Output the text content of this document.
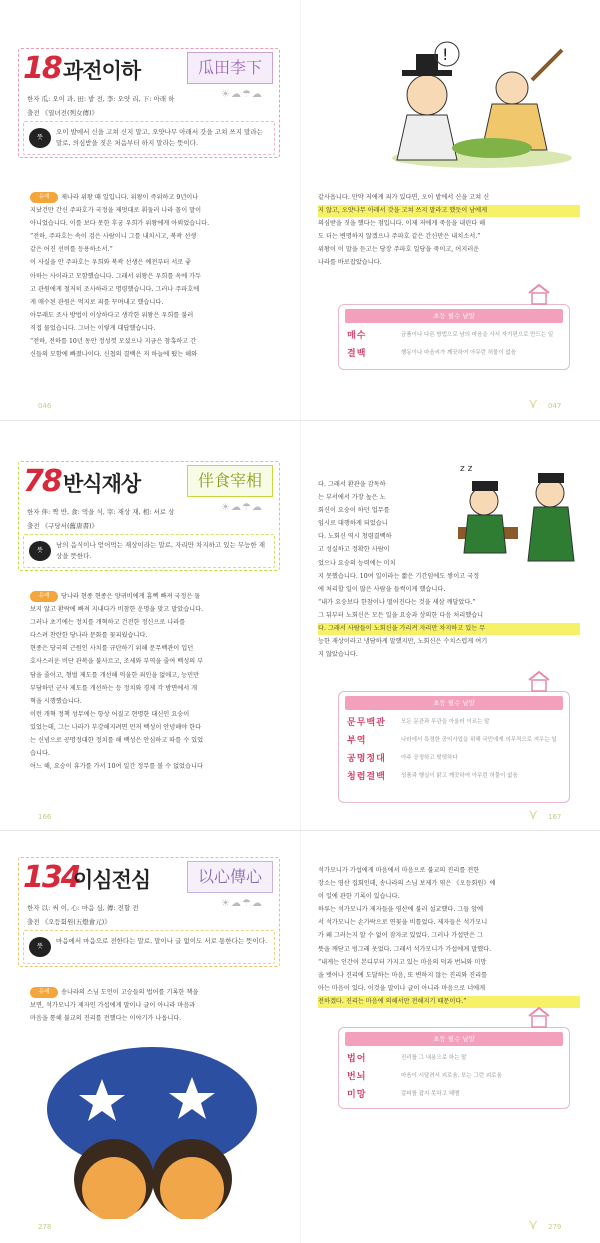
18 과전이하	瓜田李下
한자 瓜: 오이 과, 田: 밭 전, 李: 오얏 리, 下: 아래 하	☀☁☂☁
출전 《열녀전(列女傳)》
뜻
오이 밭에서 신을 고쳐 신지 말고, 오얏나무 아래서 갓을 고쳐 쓰지 말라는 말로, 의심받을 짓은 처음부터 하지 말라는 뜻이다.

유래 제나라 위왕 때 일입니다. 위왕이 즉위하고 9년이나

지났건만 간신 주파호가 국정을 제멋대로 휘둘러 나라 꼴이 말이

아니었습니다. 이를 보다 못한 후궁 우희가 위왕에게 아뢰었습니다.

“전하, 주파호는 속이 검은 사람이니 그를 내치시고, 북곽 선생

같은 어진 선비를 등용하소서.”

이 사실을 안 주파호는 우희와 북곽 선생은 예전부터 서로 좋

아하는 사이라고 모함했습니다. 그래서 위왕은 우희를 옥에 가두

고 관원에게 철저히 조사하라고 명령했습니다. 그러나 주파호에

게 매수된 관원은 억지로 죄를 꾸며내고 했습니다.

아무래도 조사 방법이 이상하다고 생각한 위왕은 우희를 불러

직접 물었습니다. 그녀는 이렇게 대답했습니다.

“전하, 전하를 10년 동안 정성껏 모셨으나 지금은 참혹하고 간

신들의 모함에 빠졌나이다. 신첩의 결백은 저 하늘에 떴는 해와

!

같사옵니다. 만약 저에게 죄가 있다면, 오이 밭에서 신을 고쳐 신

지 않고, 오얏나무 아래서 갓을 고쳐 쓰지 말라고 했듯이 남에게

의심받을 짓을 했다는 점입니다. 이제 저에게 죽음을 내린다 해

도 더는 변명하지 않겠으나 주파호 같은 간신만은 내치소서.”

위왕이 이 말을 듣고는 당장 주파호 일당을 죽이고, 어지러운

나라를 바로잡았습니다.

초등 필수 낱말
매수	금품이나 다른 방법으로 남의 마음을 사서 자기편으로 만드는 일
결백	행동이나 마음씨가 깨끗하여 아무런 허물이 없음
046	047
⋎
78 반식재상	伴食宰相
한자 伴: 짝 반, 食: 먹을 식, 宰: 재상 재, 相: 서로 상	☀☁☂☁
출전 《구당서(舊唐書)》
뜻
남의 음식이나 얻어먹는 재상이라는 말로, 자리만 차지하고 있는 무능한 재상을 뜻한다.

유래 당나라 현종 현종은 양귀비에게 흠뻑 빠져 국정은 돌

보지 않고 환락에 빠져 지내다가 비참한 운명을 맞고 말았습니다.

그러나 초기에는 정치를 개혁하고 건전한 정신으로 나라를

다스려 찬란한 당나라 문화를 꽃피웠습니다.

현종은 당국의 근원인 사치를 규탄하기 위해 문무백관이 입던

호사스러운 비단 관복을 불사르고, 조세와 부역을 줄여 백성의 부

담을 줄이고, 형벌 제도를 개선해 억울한 죄인을 없애고, 능민만

부담하던 군사 제도를 개선하는 등 정치와 경제 각 방면에서 개

혁을 시행했습니다.

이런 개혁 정책 성무에는 항상 어질고 현명한 대신인 요숭이

있었는데, 그는 나라가 부강해지려면 먼저 백성이 안녕해야 한다

는 신념으로 공명정대한 정치를 해 백성은 안심하고 따를 수 있었

습니다.

어느 해, 요숭이 휴가를 가서 10여 일간 정무를 볼 수 없었습니다

다. 그래서 환관을 감독하

는 부서에서 가장 높은 노

회신이 요숭이 하던 업무를

임시로 대행하게 되었습니

다. 노회신 역시 청렴결백하

고 성실하고 정확한 사람이

었으나 요숭의 능력에는 미치

지 못했습니다. 10여 일이라는 짧은 기간임에도 쌓이고 국정

에 처리할 일이 많은 사람을 들썩이게 했습니다.

“내가 요숭보다 한참이나 떨어진다는 것을 새삼 깨달았다.”

그 뒤부터 노회신은 모든 일을 요숭과 상의한 다음 처리했습니

다. 그래서 사람들이 노회신을 가리켜 자리만 차지하고 있는 무

능한 재상이라고 냉담하게 말했지만, 노회신은 수치스럽게 여기

지 않았습니다.

z z
초등 필수 낱말
문무백관	모든 문관과 무관을 아울러 이르는 말
부역	나라에서 특정한 공익사업을 위해 국민에게 의무적으로 지우는 일
공명정대	아주 공정하고 떳떳하다
청렴결백	성품과 행실이 맑고 깨끗하여 아무런 허물이 없음
166	167
⋎
134
이심전심	以心傳心
한자 以: 써 이, 心: 마음 심, 傳: 전할 전	☀☁☂☁
출전 《오등회원(五燈會元)》
뜻
마음에서 마음으로 전한다는 말로, 말이나 글 없이도 서로 통한다는 뜻이다.

유래 송나라의 스님 도언이 고승들의 법어를 기록한 책을

보면, 석가모니가 제자인 가섭에게 말이나 글이 아니라 마음과

마음을 통해 불교의 진리를 전했다는 이야기가 나옵니다.

석가모니가 가섭에게 마음에서 마음으로 불교의 진리를 전한

장소는 영산 집회인데, 송나라의 스님 보제가 엮은 《오등회원》에

이 일에 관한 기록이 있습니다.

하루는 석가모니가 제자들을 영산에 불러 설교했다. 그들 앞에

서 석가모니는 손가락으로 연꽃을 비틀었다. 제자들은 석가모니

가 왜 그러는지 알 수 없어 잠자코 있었다. 그러나 가섭만은 그

뜻을 깨닫고 빙그레 웃었다. 그래서 석가모니가 가섭에게 말했다.

“내게는 인간이 본디부터 가지고 있는 마음의 덕과 번뇌와 미망

을 벗어나 진리에 도달하는 마음, 또 변하지 않는 진리와 진리를

아는 마음이 있다. 이것을 말이나 글이 아니라 마음으로 너에게

전하겠다. 진리는 마음에 의해서만 전해지기 때문이다.”

초등 필수 낱말
법어	진리를 그 내용으로 하는 말
번뇌	마음이 시달려서 괴로움, 또는 그런 괴로움
미망	갈피를 잡지 못하고 헤맴
278	279
⋎
